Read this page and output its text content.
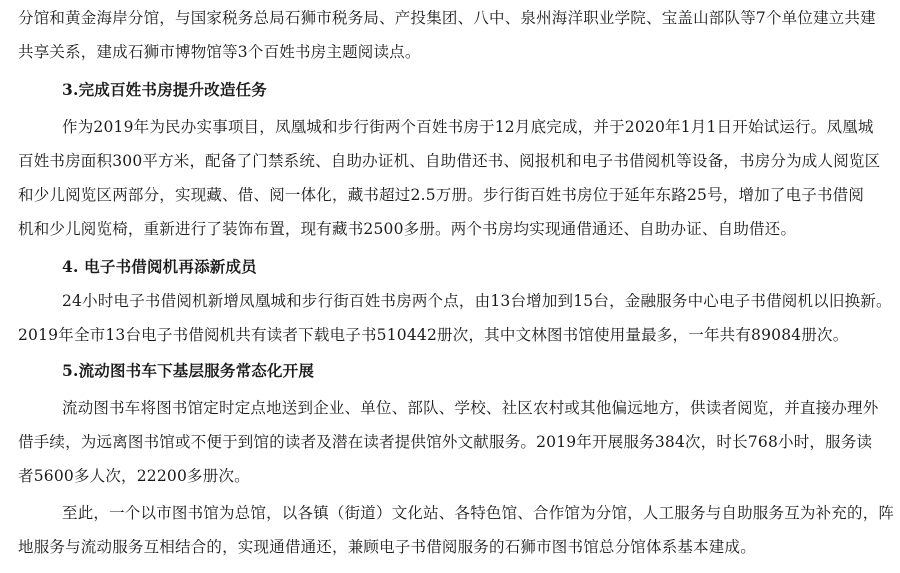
分馆和黄金海岸分馆，与国家税务总局石狮市税务局、产投集团、八中、泉州海洋职业学院、宝盖山部队等7个单位建立共建
共享关系，建成石狮市博物馆等3个百姓书房主题阅读点。
3.完成百姓书房提升改造任务
作为2019年为民办实事项目，凤凰城和步行街两个百姓书房于12月底完成，并于2020年1月1日开始试运行。凤凰城
百姓书房面积300平方米，配备了门禁系统、自助办证机、自助借还书、阅报机和电子书借阅机等设备，书房分为成人阅览区
和少儿阅览区两部分，实现藏、借、阅一体化，藏书超过2.5万册。步行街百姓书房位于延年东路25号，增加了电子书借阅
机和少儿阅览椅，重新进行了装饰布置，现有藏书2500多册。两个书房均实现通借通还、自助办证、自助借还。
4. 电子书借阅机再添新成员
24小时电子书借阅机新增凤凰城和步行街百姓书房两个点，由13台增加到15台，金融服务中心电子书借阅机以旧换新。
2019年全市13台电子书借阅机共有读者下载电子书510442册次，其中文林图书馆使用量最多，一年共有89084册次。
5.流动图书车下基层服务常态化开展
流动图书车将图书馆定时定点地送到企业、单位、部队、学校、社区农村或其他偏远地方，供读者阅览，并直接办理外
借手续，为远离图书馆或不便于到馆的读者及潜在读者提供馆外文献服务。2019年开展服务384次，时长768小时，服务读
者5600多人次，22200多册次。
至此，一个以市图书馆为总馆，以各镇（街道）文化站、各特色馆、合作馆为分馆，人工服务与自助服务互为补充的，阵
地服务与流动服务互相结合的，实现通借通还，兼顾电子书借阅服务的石狮市图书馆总分馆体系基本建成。
